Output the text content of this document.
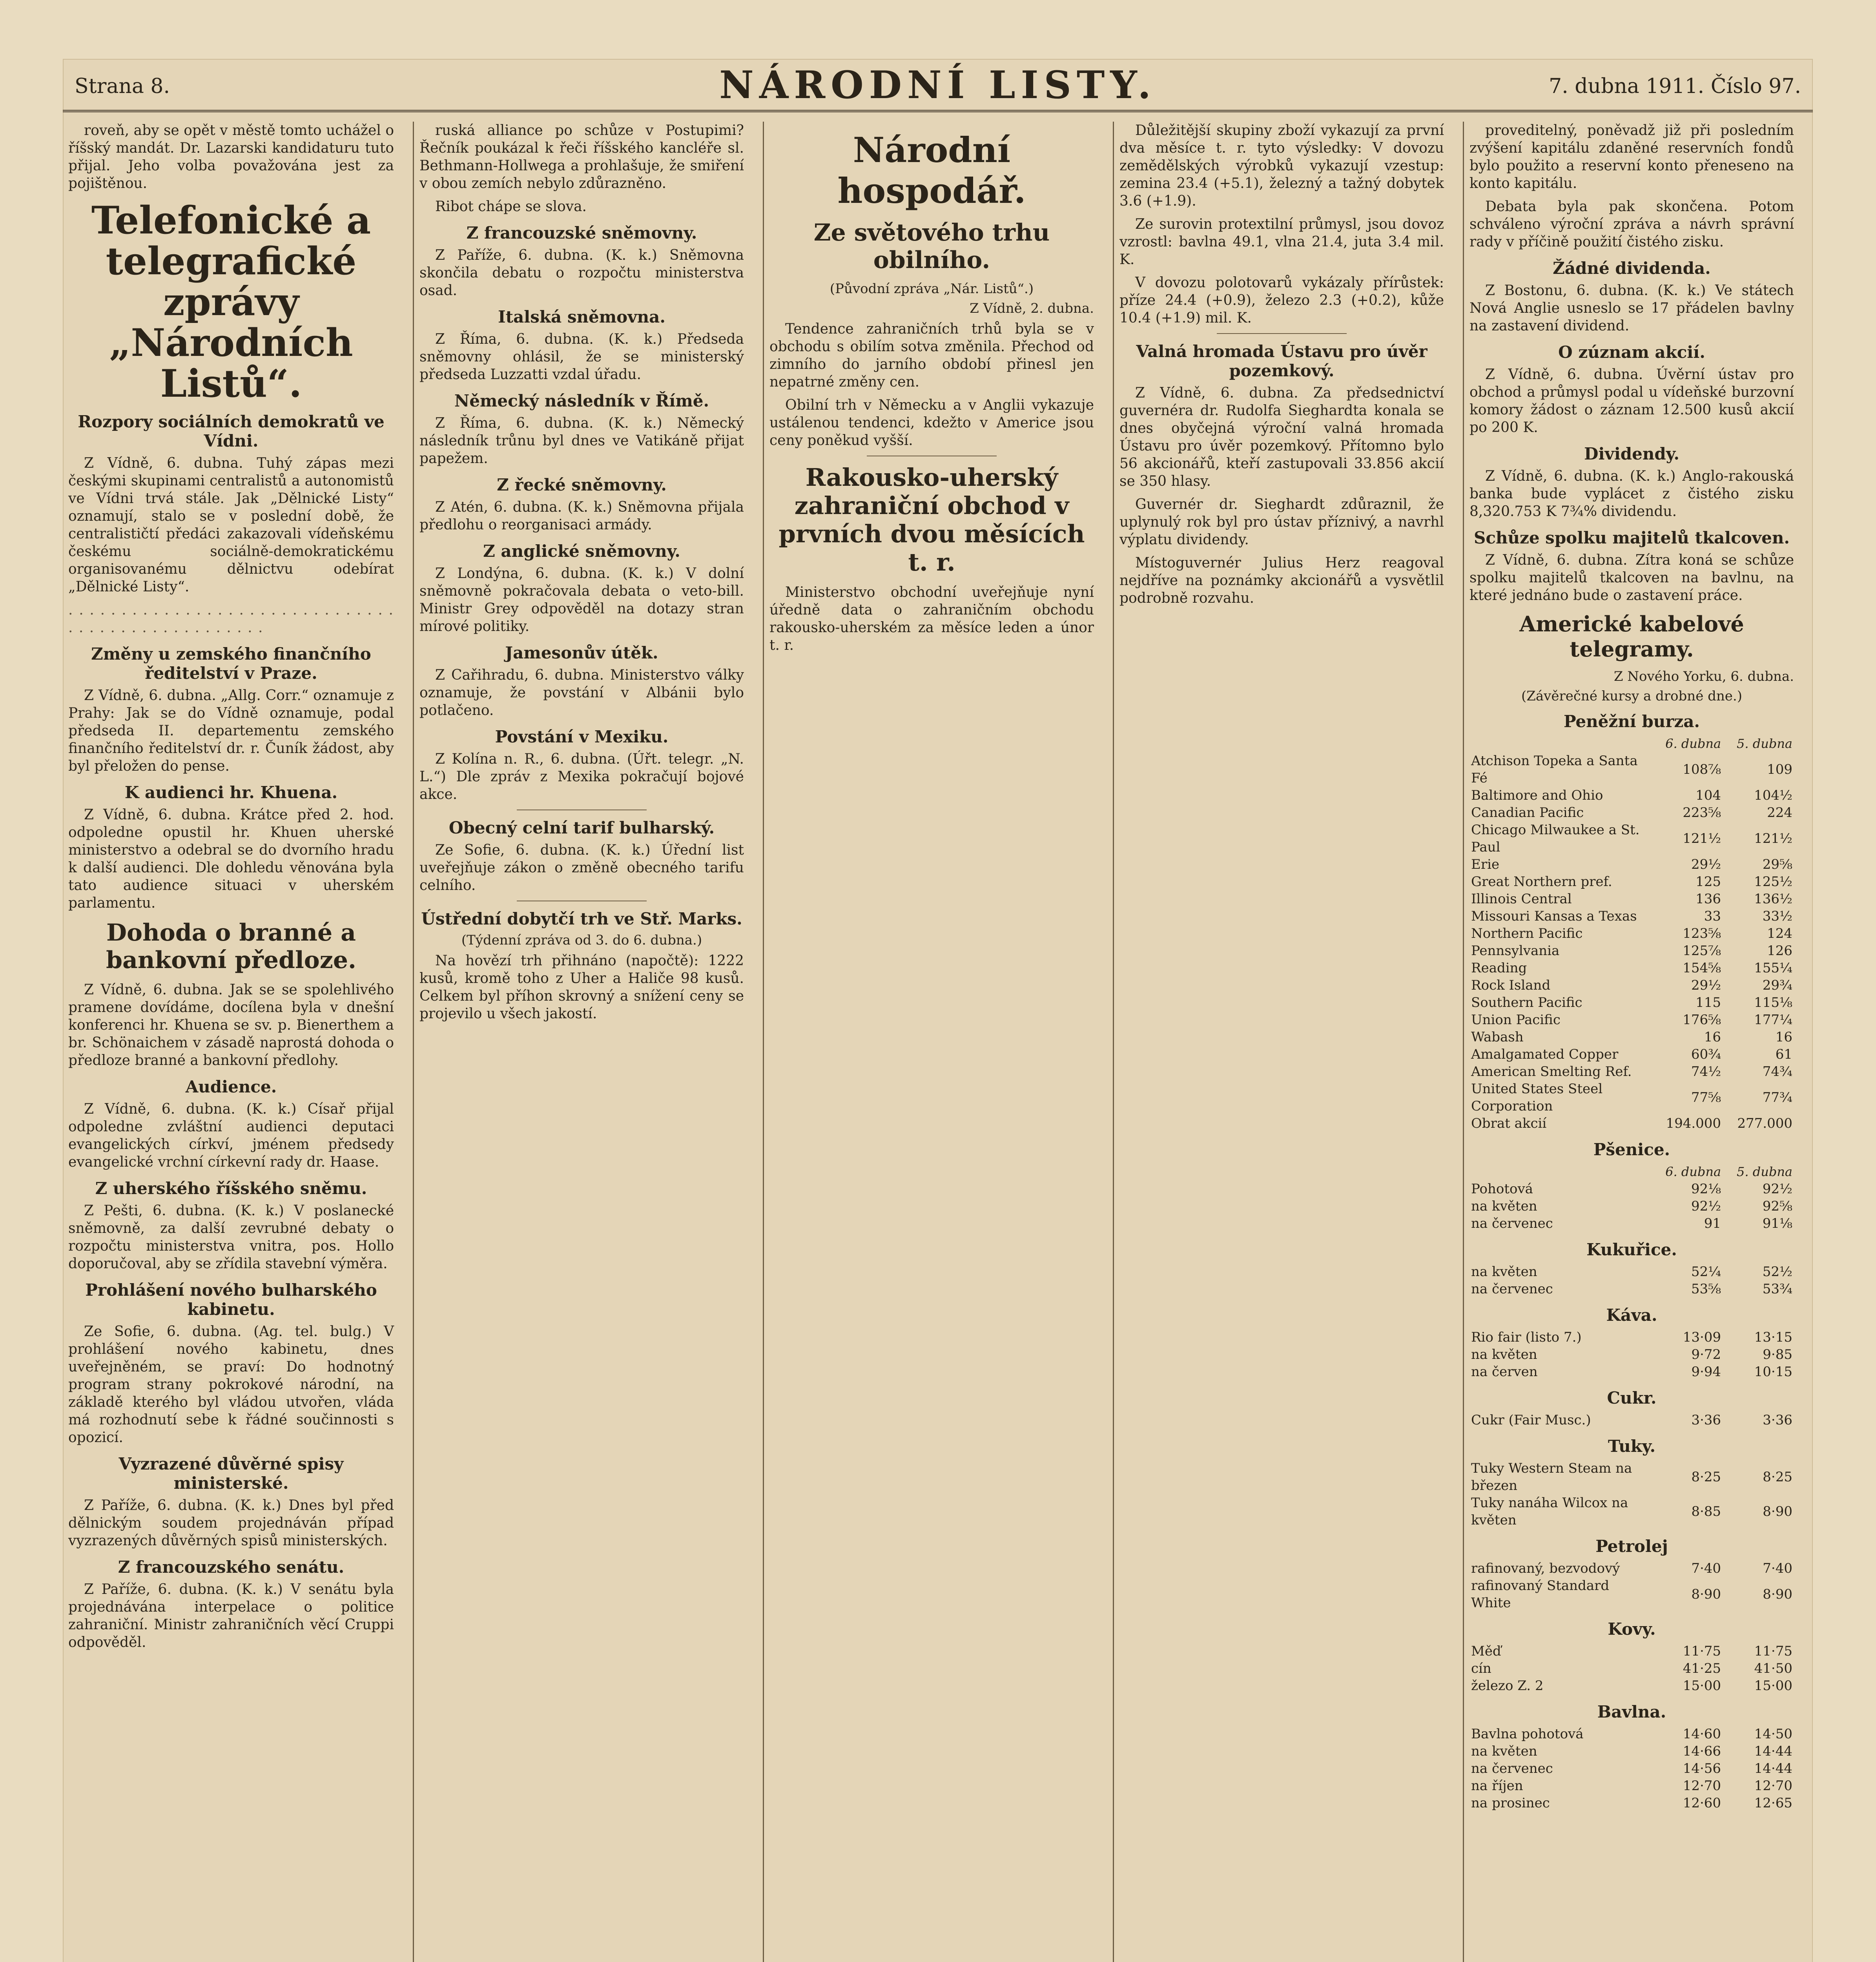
Strana 8.	NÁRODNÍ LISTY.	7. dubna 1911. Číslo 97.

roveň, aby se opět v městě tomto uchážel o říšský mandát. Dr. Lazarski kandidaturu tuto přijal. Jeho volba považována jest za pojištěnou.

Telefonické a telegrafické zprávy „Národních Listů“.
Rozpory sociálních demokratů ve Vídni.

Z Vídně, 6. dubna. Tuhý zápas mezi českými skupinami centralistů a autonomistů ve Vídni trvá stále. Jak „Dělnické Listy“ oznamují, stalo se v poslední době, že centralističtí předáci zakazovali vídeňskému českému sociálně-demokratickému organisovanému dělnictvu odebírat „Dělnické Listy“.

. . . . . . . . . . . . . . . . . . . . . . . . . . . . . . . . . . . . . . . . . . . . . . . . . .
Změny u zemského finančního ředitelství v Praze.

Z Vídně, 6. dubna. „Allg. Corr.“ oznamuje z Prahy: Jak se do Vídně oznamuje, podal předseda II. departementu zemského finančního ředitelství dr. r. Čuník žádost, aby byl přeložen do pense.

K audienci hr. Khuena.

Z Vídně, 6. dubna. Krátce před 2. hod. odpoledne opustil hr. Khuen uherské ministerstvo a odebral se do dvorního hradu k další audienci. Dle dohledu věnována byla tato audience situaci v uherském parlamentu.

Dohoda o branné a bankovní předloze.

Z Vídně, 6. dubna. Jak se se spolehlivého pramene dovídáme, docílena byla v dnešní konferenci hr. Khuena se sv. p. Bienerthem a br. Schönaichem v zásadě naprostá dohoda o předloze branné a bankovní předlohy.

Audience.

Z Vídně, 6. dubna. (K. k.) Císař přijal odpoledne zvláštní audienci deputaci evangelických církví, jménem předsedy evangelické vrchní církevní rady dr. Haase.

Z uherského říšského sněmu.

Z Pešti, 6. dubna. (K. k.) V poslanecké sněmovně, za další zevrubné debaty o rozpočtu ministerstva vnitra, pos. Hollo doporučoval, aby se zřídila stavební výměra.

Prohlášení nového bulharského kabinetu.

Ze Sofie, 6. dubna. (Ag. tel. bulg.) V prohlášení nového kabinetu, dnes uveřejněném, se praví: Do hodnotný program strany pokrokové národní, na základě kterého byl vládou utvořen, vláda má rozhodnutí sebe k řádné součinnosti s opozicí.

Vyzrazené důvěrné spisy ministerské.

Z Paříže, 6. dubna. (K. k.) Dnes byl před dělnickým soudem projednáván případ vyzrazených důvěrných spisů ministerských.

Z francouzského senátu.

Z Paříže, 6. dubna. (K. k.) V senátu byla projednávána interpelace o politice zahraniční. Ministr zahraničních věcí Cruppi odpověděl.

ruská alliance po schůze v Postupimi? Řečník poukázal k řeči říšského kancléře sl. Bethmann-Hollwega a prohlašuje, že smiření v obou zemích nebylo zdůrazněno.

Ribot chápe se slova.

Z francouzské sněmovny.

Z Paříže, 6. dubna. (K. k.) Sněmovna skončila debatu o rozpočtu ministerstva osad.

Italská sněmovna.

Z Říma, 6. dubna. (K. k.) Předseda sněmovny ohlásil, že se ministerský předseda Luzzatti vzdal úřadu.

Německý následník v Římě.

Z Říma, 6. dubna. (K. k.) Německý následník trůnu byl dnes ve Vatikáně přijat papežem.

Z řecké sněmovny.

Z Atén, 6. dubna. (K. k.) Sněmovna přijala předlohu o reorganisaci armády.

Z anglické sněmovny.

Z Londýna, 6. dubna. (K. k.) V dolní sněmovně pokračovala debata o veto-bill. Ministr Grey odpověděl na dotazy stran mírové politiky.

Jamesonův útěk.

Z Cařihradu, 6. dubna. Ministerstvo války oznamuje, že povstání v Albánii bylo potlačeno.

Povstání v Mexiku.

Z Kolína n. R., 6. dubna. (Úřt. telegr. „N. L.“) Dle zpráv z Mexika pokračují bojové akce.

Obecný celní tarif bulharský.

Ze Sofie, 6. dubna. (K. k.) Úřední list uveřejňuje zákon o změně obecného tarifu celního.

Ústřední dobytčí trh ve Stř. Marks.
(Týdenní zpráva od 3. do 6. dubna.)

Na hovězí trh přihnáno (napočtě): 1222 kusů, kromě toho z Uher a Haliče 98 kusů. Celkem byl příhon skrovný a snížení ceny se projevilo u všech jakostí.

Národní hospodář.
Ze světového trhu obilního.
(Původní zpráva „Nár. Listů“.)
Z Vídně, 2. dubna.

Tendence zahraničních trhů byla se v obchodu s obilím sotva změnila. Přechod od zimního do jarního období přinesl jen nepatrné změny cen.

Obilní trh v Německu a v Anglii vykazuje ustálenou tendenci, kdežto v Americe jsou ceny poněkud vyšší.

Rakousko-uherský zahraniční obchod v prvních dvou měsících t. r.

Ministerstvo obchodní uveřejňuje nyní úředně data o zahraničním obchodu rakousko-uherském za měsíce leden a únor t. r.

Důležitější skupiny zboží vykazují za první dva měsíce t. r. tyto výsledky: V dovozu zemědělských výrobků vykazují vzestup: zemina 23.4 (+5.1), železný a tažný dobytek 3.6 (+1.9).

Ze surovin protextilní průmysl, jsou dovoz vzrostl: bavlna 49.1, vlna 21.4, juta 3.4 mil. K.

V dovozu polotovarů vykázaly přírůstek: příze 24.4 (+0.9), železo 2.3 (+0.2), kůže 10.4 (+1.9) mil. K.

Valná hromada Ústavu pro úvěr pozemkový.

Z Vídně, 6. dubna. Za předsednictví guvernéra dr. Rudolfa Sieghardta konala se dnes obyčejná výroční valná hromada Ústavu pro úvěr pozemkový. Přítomno bylo 56 akcionářů, kteří zastupovali 33.856 akcií se 350 hlasy.

Guvernér dr. Sieghardt zdůraznil, že uplynulý rok byl pro ústav příznivý, a navrhl výplatu dividendy.

Místoguvernér Julius Herz reagoval nejdříve na poznámky akcionářů a vysvětlil podrobně rozvahu.

proveditelný, poněvadž již při posledním zvýšení kapitálu zdaněné reservních fondů bylo použito a reservní konto přeneseno na konto kapitálu.

Debata byla pak skončena. Potom schváleno výroční zpráva a návrh správní rady v příčině použití čistého zisku.

Žádné dividenda.

Z Bostonu, 6. dubna. (K. k.) Ve státech Nová Anglie usneslo se 17 přádelen bavlny na zastavení dividend.

O zúznam akcií.

Z Vídně, 6. dubna. Úvěrní ústav pro obchod a průmysl podal u vídeňské burzovní komory žádost o záznam 12.500 kusů akcií po 200 K.

Dividendy.

Z Vídně, 6. dubna. (K. k.) Anglo-rakouská banka bude vyplácet z čistého zisku 8,320.753 K 7¾% dividendu.

Schůze spolku majitelů tkalcoven.

Z Vídně, 6. dubna. Zítra koná se schůze spolku majitelů tkalcoven na bavlnu, na které jednáno bude o zastavení práce.

Americké kabelové telegramy.
Z Nového Yorku, 6. dubna.
(Závěrečné kursy a drobné dne.)
Peněžní burza.
	6. dubna	5. dubna
Atchison Topeka a Santa Fé	108⅞	109
Baltimore and Ohio	104	104½
Canadian Pacific	223⅝	224
Chicago Milwaukee a St. Paul	121½	121½
Erie	29½	29⅝
Great Northern pref.	125	125½
Illinois Central	136	136½
Missouri Kansas a Texas	33	33½
Northern Pacific	123⅝	124
Pennsylvania	125⅞	126
Reading	154⅝	155¼
Rock Island	29½	29¾
Southern Pacific	115	115⅛
Union Pacific	176⅝	177¼
Wabash	16	16
Amalgamated Copper	60¾	61
American Smelting Ref.	74½	74¾
United States Steel Corporation	77⅝	77¾
Obrat akcií	194.000	277.000
Pšenice.
	6. dubna	5. dubna
Pohotová	92⅛	92½
na květen	92½	92⅝
na červenec	91	91⅛
Kukuřice.
na květen	52¼	52½
na červenec	53⅝	53¾
Káva.
Rio fair (listo 7.)	13·09	13·15
na květen	9·72	9·85
na červen	9·94	10·15
Cukr.
Cukr (Fair Musc.)	3·36	3·36
Tuky.
Tuky Western Steam na březen	8·25	8·25
Tuky nanáha Wilcox na květen	8·85	8·90
Petrolej
rafinovaný, bezvodový	7·40	7·40
rafinovaný Standard White	8·90	8·90
Kovy.
Měď	11·75	11·75
cín	41·25	41·50
železo Z. 2	15·00	15·00
Bavlna.
Bavlna pohotová	14·60	14·50
na květen	14·66	14·44
na červenec	14·56	14·44
na říjen	12·70	12·70
na prosinec	12·60	12·65
